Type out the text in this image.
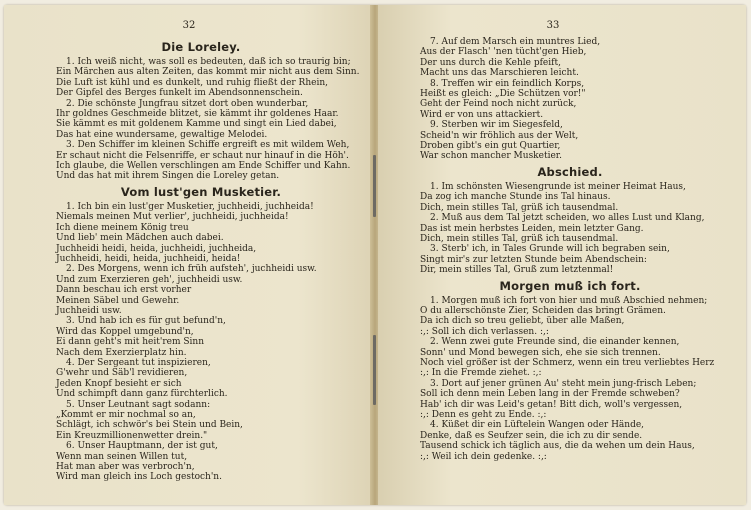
32
Die Loreley.
1. Ich weiß nicht, was soll es bedeuten, daß ich so traurig bin;
Ein Märchen aus alten Zeiten, das kommt mir nicht aus dem Sinn.
Die Luft ist kühl und es dunkelt, und ruhig fließt der Rhein,
Der Gipfel des Berges funkelt im Abendsonnenschein.
2. Die schönste Jungfrau sitzet dort oben wunderbar,
Ihr goldnes Geschmeide blitzet, sie kämmt ihr goldenes Haar.
Sie kämmt es mit goldenem Kamme und singt ein Lied dabei,
Das hat eine wundersame, gewaltige Melodei.
3. Den Schiffer im kleinen Schiffe ergreift es mit wildem Weh,
Er schaut nicht die Felsenriffe, er schaut nur hinauf in die Höh'.
Ich glaube, die Wellen verschlingen am Ende Schiffer und Kahn.
Und das hat mit ihrem Singen die Loreley getan.
Vom lust'gen Musketier.
1. Ich bin ein lust'ger Musketier, juchheidi, juchheida!
Niemals meinen Mut verlier', juchheidi, juchheida!
Ich diene meinem König treu
Und lieb' mein Mädchen auch dabei.
Juchheidi heidi, heida, juchheidi, juchheida,
Juchheidi, heidi, heida, juchheidi, heida!
2. Des Morgens, wenn ich früh aufsteh', juchheidi usw.
Und zum Exerzieren geh', juchheidi usw.
Dann beschau ich erst vorher
Meinen Säbel und Gewehr.
Juchheidi usw.
3. Und hab ich es für gut befund'n,
Wird das Koppel umgebund'n,
Ei dann geht's mit heit'rem Sinn
Nach dem Exerzierplatz hin.
4. Der Sergeant tut inspizieren,
G'wehr und Säb'l revidieren,
Jeden Knopf besieht er sich
Und schimpft dann ganz fürchterlich.
5. Unser Leutnant sagt sodann:
„Kommt er mir nochmal so an,
Schlägt, ich schwör's bei Stein und Bein,
Ein Kreuzmillionenwetter drein."
6. Unser Hauptmann, der ist gut,
Wenn man seinen Willen tut,
Hat man aber was verbroch'n,
Wird man gleich ins Loch gestoch'n.
33
7. Auf dem Marsch ein muntres Lied,
Aus der Flasch' 'nen tücht'gen Hieb,
Der uns durch die Kehle pfeift,
Macht uns das Marschieren leicht.
8. Treffen wir ein feindlich Korps,
Heißt es gleich: „Die Schützen vor!"
Geht der Feind noch nicht zurück,
Wird er von uns attackiert.
9. Sterben wir im Siegesfeld,
Scheid'n wir fröhlich aus der Welt,
Droben gibt's ein gut Quartier,
War schon mancher Musketier.
Abschied.
1. Im schönsten Wiesengrunde ist meiner Heimat Haus,
Da zog ich manche Stunde ins Tal hinaus.
Dich, mein stilles Tal, grüß ich tausendmal.
2. Muß aus dem Tal jetzt scheiden, wo alles Lust und Klang,
Das ist mein herbstes Leiden, mein letzter Gang.
Dich, mein stilles Tal, grüß ich tausendmal.
3. Sterb' ich, in Tales Grunde will ich begraben sein,
Singt mir's zur letzten Stunde beim Abendschein:
Dir, mein stilles Tal, Gruß zum letztenmal!
Morgen muß ich fort.
1. Morgen muß ich fort von hier und muß Abschied nehmen;
O du allerschönste Zier, Scheiden das bringt Grämen.
Da ich dich so treu geliebt, über alle Maßen,
:,: Soll ich dich verlassen. :,:
2. Wenn zwei gute Freunde sind, die einander kennen,
Sonn' und Mond bewegen sich, ehe sie sich trennen.
Noch viel größer ist der Schmerz, wenn ein treu verliebtes Herz
:,: In die Fremde ziehet. :,:
3. Dort auf jener grünen Au' steht mein jung-frisch Leben;
Soll ich denn mein Leben lang in der Fremde schweben?
Hab' ich dir was Leid's getan! Bitt dich, woll's vergessen,
:,: Denn es geht zu Ende. :,:
4. Küßet dir ein Lüftelein Wangen oder Hände,
Denke, daß es Seufzer sein, die ich zu dir sende.
Tausend schick ich täglich aus, die da wehen um dein Haus,
:,: Weil ich dein gedenke. :,:
